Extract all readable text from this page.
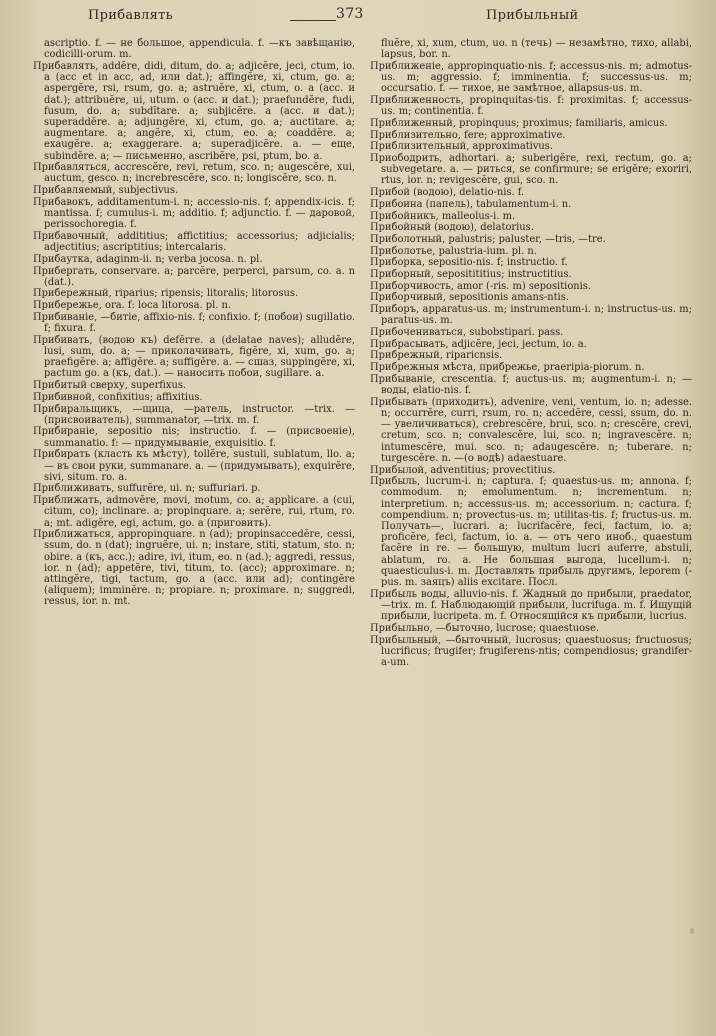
Прибавлять	373	Прибыльный

ascriptio. f. — не большое, appendicula. f. —къ завѣщанію, codicilli-orum. m.

Прибавлять, addĕre, didi, ditum, do. a; adjicĕre, jeci, ctum, io. a (acc et in acc, ad, или dat.); affingĕre, xi, ctum, go. a; aspergĕre, rsi, rsum, go. a; astruĕre, xi, ctum, o. a (acc. и dat.); attribuĕre, ui, utum. o (acc. и dat.); praefundĕre, fudi, fusum, do. a; subdĭtare. a; subjicĕre. a (acc. и dat.); superaddĕre. a; adjungĕre, xi, ctum, go. a; auctitare. a; augmentare. a; angĕre, xi, ctum, eo. a; coaddĕre. a; exaugĕre. a; exaggerare. a; superadjicĕre. a. — еще, subindĕre. a; — письменно, ascribĕre, psi, ptum, bo. a.

Прибавляться, accrescĕre, revi, retum, sco. n; augescĕre, xui, auctum, gesco. n; increbrescĕre, sco. n; longiscĕre, sco. n.

Прибавляемый, subjectivus.

Прибавокъ, additamentum-i. n; accessio-nis. f; appendix-icis. f; mantissa. f; cumulus-i. m; additio. f; adjunctio. f. — даровой, perissochoregia. f.

Прибавочный, addititius; affictitius; accessorius; adjicialis; adjectitius; ascriptitius; intercalaris.

Прибаутка, adaginm-ii. n; verba jocosa. n. pl.

Прибергать, conservare. a; parcĕre, perperci, parsum, co. a. n (dat.).

Прибережный, riparius; ripensis; litoralis; litorosus.

Прибережье, ora. f: loca litorosa. pl. n.

Прибиваніе, —битіе, affixio-nis. f; confixio. f; (побои) sugillatio. f; fixura. f.

Прибивать, (водою къ) defĕrre. a (delatae naves); alludĕre, lusi, sum, do. a; — приколачивать, figĕre, xi, xum, go. a; praefigĕre. a; affigĕre. a; suffigĕre. a. — сшаз, suppingĕre, xi, pactum go. a (къ, dat.). — наносить побои, sugillare. a.

Прибитый сверху, superfixus.

Прибивной, confixitius; affixitius.

Прибиральщикъ, —щица, —ратель, instructor. —trix. — (присвоиватель), summanator, —trix. m. f.

Прибираніе, sepositio nis; instructio. f. — (присвоеніе), summanatio. f: — придумываніе, exquisitio. f.

Прибирать (класть къ мѣсту), tollĕre, sustuli, sublatum, llo. a; — въ свои руки, summanare. a. — (придумывать), exquirĕre, sivi, situm. ro. a.

Приближивать, suffurĕre, ui. n; suffuriari. p.

Приближать, admovĕre, movi, motum, co. a; applicare. a (cui, citum, co); inclinare. a; propinquare. a; serĕre, rui, rtum, ro. a; mt. adigĕre, egi, actum, go. a (приговить).

Приближаться, appropinquare. n (ad); propinsaccedĕre, cessi, ssum, do. n (dat); ingruĕre, ui. n; instare, stiti, statum, sto. n; obire. a (къ, acc.); adire, ivi, itum, eo. n (ad.); aggredi, ressus, ior. n (ad); appetĕre, tivi, titum, to. (acc); approximare. n; attingĕre, tigi, tactum, go. a (acc. или ad); contingĕre (aliquem); imminĕre. n; propiare. n; proximare. n; suggredi, ressus, ior. n. mt.

fluĕre, xi, xum, ctum, uo. n (течь) — незамѣтно, тихо, allabi, lapsus, bor. n.

Приближеніе, appropinquatio-nis. f; accessus-nis. m; admotus-us. m; aggressio. f; imminentia. f; successus-us. m; occursatio. f. — тихое, не замѣтное, allapsus-us. m.

Приближенность, propinquitas-tis. f: proximitas. f; accessus-us. m; continentia. f.

Приближенный, propinquus; proximus; familiaris, amicus.

Приблизительно, fere; approximative.

Приблизительный, approximativus.

Приободрить, adhortari. a; suberigĕre, rexi, rectum, go. a; subvegetare. a. — риться, se confirmure; se erigĕre; exoriri, rtus, ior. n; revigescĕre, gui, sco. n.

Прибой (водою), delatio-nis. f.

Прибоина (папель), tabulamentum-i. n.

Прибойникъ, malleolus-i. m.

Прибойный (водою), delatorius.

Приболотный, palustris; paluster, —tris, —tre.

Приболотье, palustria-ium. pl. n.

Приборка, sepositio-nis. f; instructio. f.

Приборный, sepositititius; instructitius.

Приборчивость, amor (-ris. m) sepositionis.

Приборчивый, sepositionis amans-ntis.

Приборъ, apparatus-us. m; instrumentum-i. n; instructus-us. m; paratus-us. m.

Прибочениваться, subobstipari. pass.

Прибрасывать, adjicĕre, jeci, jectum, io. a.

Прибрежный, riparicnsis.

Прибрежныя мѣста, прибрежье, praeripia-piorum. n.

Прибываніе, crescentia. f; auctus-us. m; augmentum-i. n; — воды, elatio-nis. f.

Прибывать (приходить), advenire, veni, ventum, io. n; adesse. n; occurrĕre, curri, rsum, ro. n; accedĕre, cessi, ssum, do. n. — увеличиваться), crebrescĕre, brui, sco. n; crescĕre, crevi, cretum, sco. n; convalescĕre, lui, sco. n; ingravescĕre. n; intumescĕre, mui. sco. n; adaugescĕre. n; tuberare. n; turgescĕre. n. —(о водѣ) adaestuare.

Прибылой, adventitius; provectitius.

Прибыль, lucrum-i. n; captura. f; quaestus-us. m; annona. f; commodum. n; emolumentum. n; incrementum. n; interpretium. n; accessus-us. m; accessorium. n; cactura. f; compendium. n; provectus-us. m; utilitas-tis. f; fructus-us. m. Получать—, lucrari. a; lucrifacĕre, feci, factum, io. a; proficĕre, feci, factum, io. a. — отъ чего иноб., quaestum facĕre in re. — большую, multum lucri auferre, abstuli, ablatum, ro. a. Не большая выгода, lucellum-i. n; quaesticulus-i. m. Доставлять прибыль другимъ, leporem (-pus. m. заяцъ) aliis excitare. Посл.

Прибыль воды, alluvio-nis. f. Жадный до прибыли, praedator, —trix. m. f. Наблюдающій прибыли, lucrifuga. m. f. Ищущій прибыли, lucripeta. m. f. Относящійся къ прибыли, lucrius.

Прибыльно, —быточно, lucrose; quaestuose.

Прибыльный, —быточный, lucrosus; quaestuosus; fructuosus; lucrificus; frugifer; frugiferens-ntis; compendiosus; grandifer-a-um.
